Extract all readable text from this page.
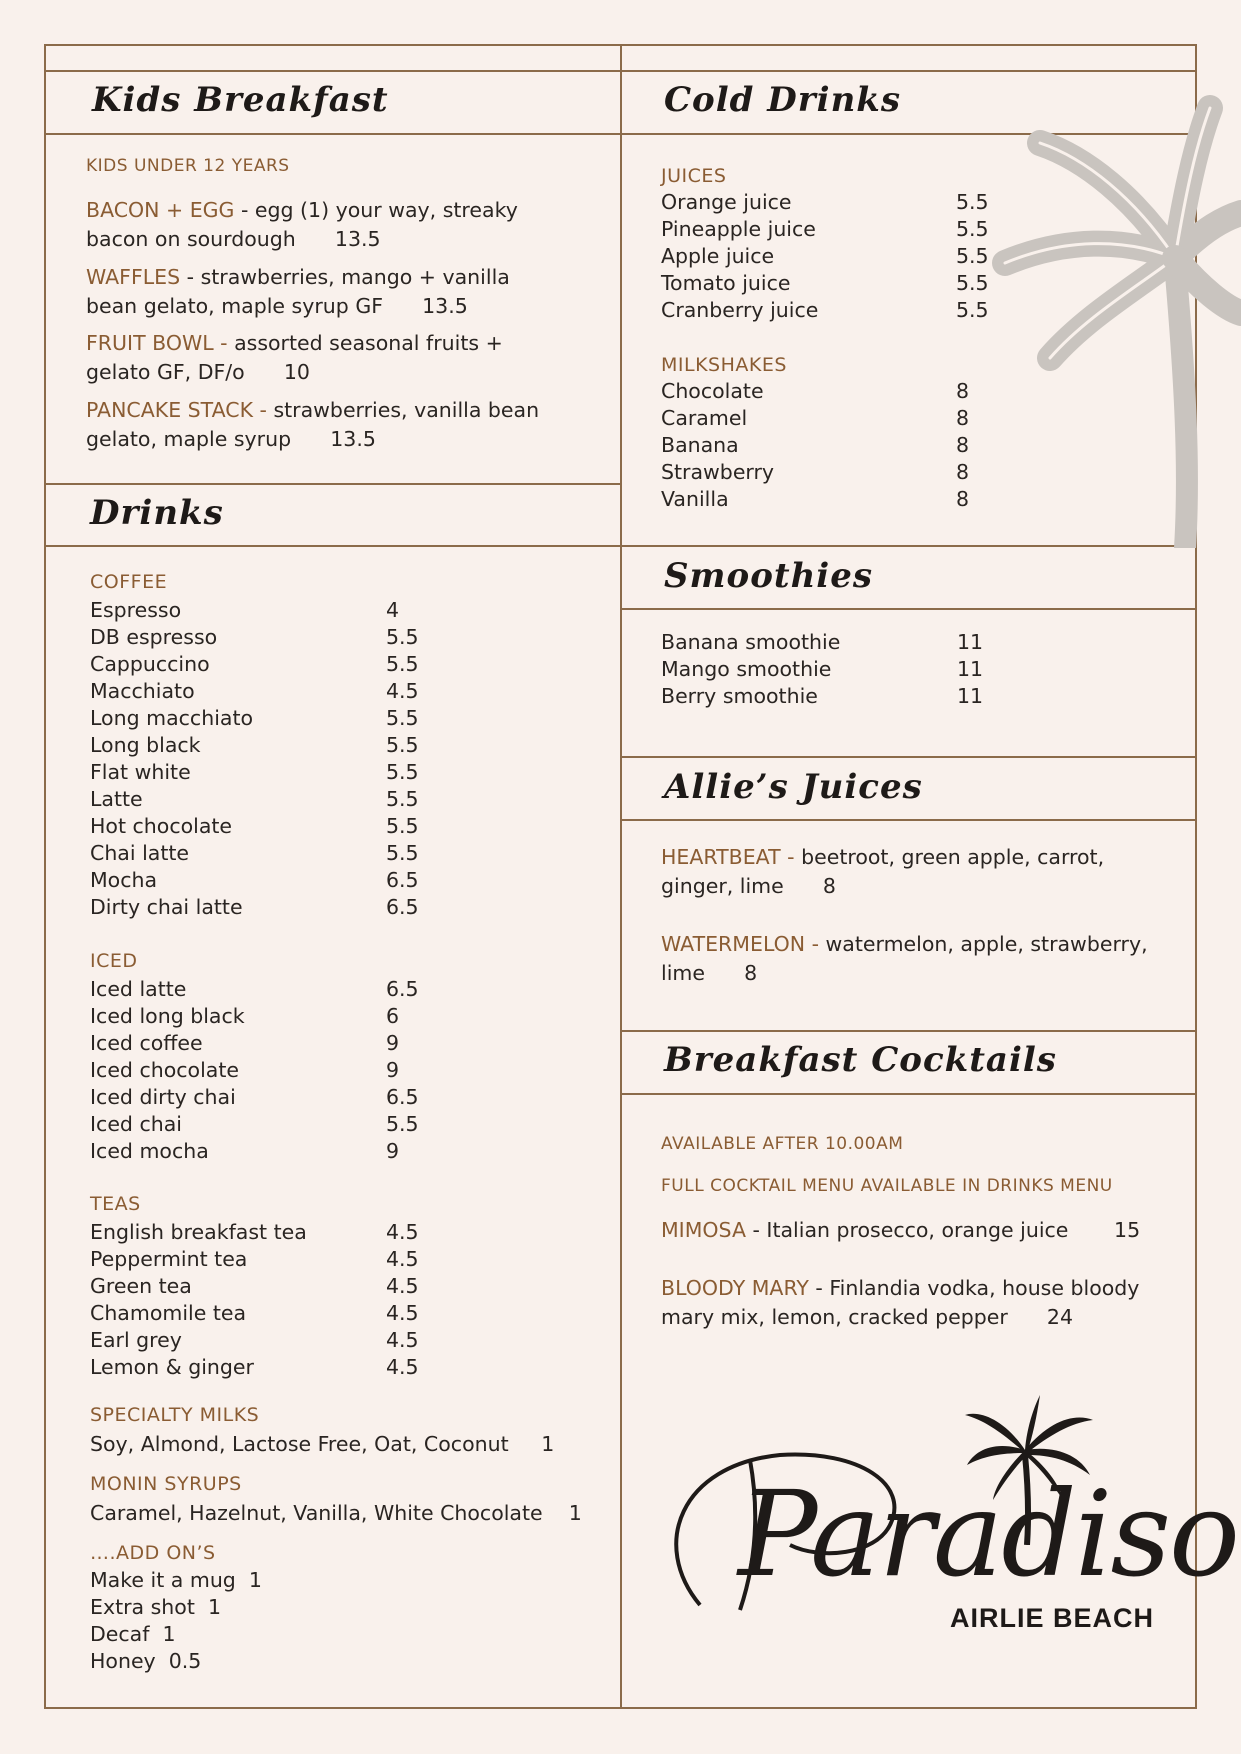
Kids Breakfast
KIDS UNDER 12 YEARS
BACON + EGG - egg (1) your way, streaky bacon on sourdough 13.5
WAFFLES - strawberries, mango + vanilla bean gelato, maple syrup GF 13.5
FRUIT BOWL - assorted seasonal fruits + gelato GF, DF/o 10
PANCAKE STACK - strawberries, vanilla bean gelato, maple syrup 13.5
Drinks
COFFEE
Espresso	4
DB espresso	5.5
Cappuccino	5.5
Macchiato	4.5
Long macchiato	5.5
Long black	5.5
Flat white	5.5
Latte	5.5
Hot chocolate	5.5
Chai latte	5.5
Mocha	6.5
Dirty chai latte	6.5
ICED
Iced latte	6.5
Iced long black	6
Iced coffee	9
Iced chocolate	9
Iced dirty chai	6.5
Iced chai	5.5
Iced mocha	9
TEAS
English breakfast tea	4.5
Peppermint tea	4.5
Green tea	4.5
Chamomile tea	4.5
Earl grey	4.5
Lemon & ginger	4.5
SPECIALTY MILKS
Soy, Almond, Lactose Free, Oat, Coconut 1
MONIN SYRUPS
Caramel, Hazelnut, Vanilla, White Chocolate 1
….ADD ON’S
Make it a mug 1
Extra shot 1
Decaf 1
Honey 0.5
Cold Drinks
JUICES
Orange juice	5.5
Pineapple juice	5.5
Apple juice	5.5
Tomato juice	5.5
Cranberry juice	5.5
MILKSHAKES
Chocolate	8
Caramel	8
Banana	8
Strawberry	8
Vanilla	8
Smoothies
Banana smoothie	11
Mango smoothie	11
Berry smoothie	11
Allie’s Juices
HEARTBEAT - beetroot, green apple, carrot, ginger, lime 8
WATERMELON - watermelon, apple, strawberry, lime 8
Breakfast Cocktails
AVAILABLE AFTER 10.00AM
FULL COCKTAIL MENU AVAILABLE IN DRINKS MENU
MIMOSA - Italian prosecco, orange juice 15
BLOODY MARY - Finlandia vodka, house bloody mary mix, lemon, cracked pepper 24
Paradiso
AIRLIE BEACH
